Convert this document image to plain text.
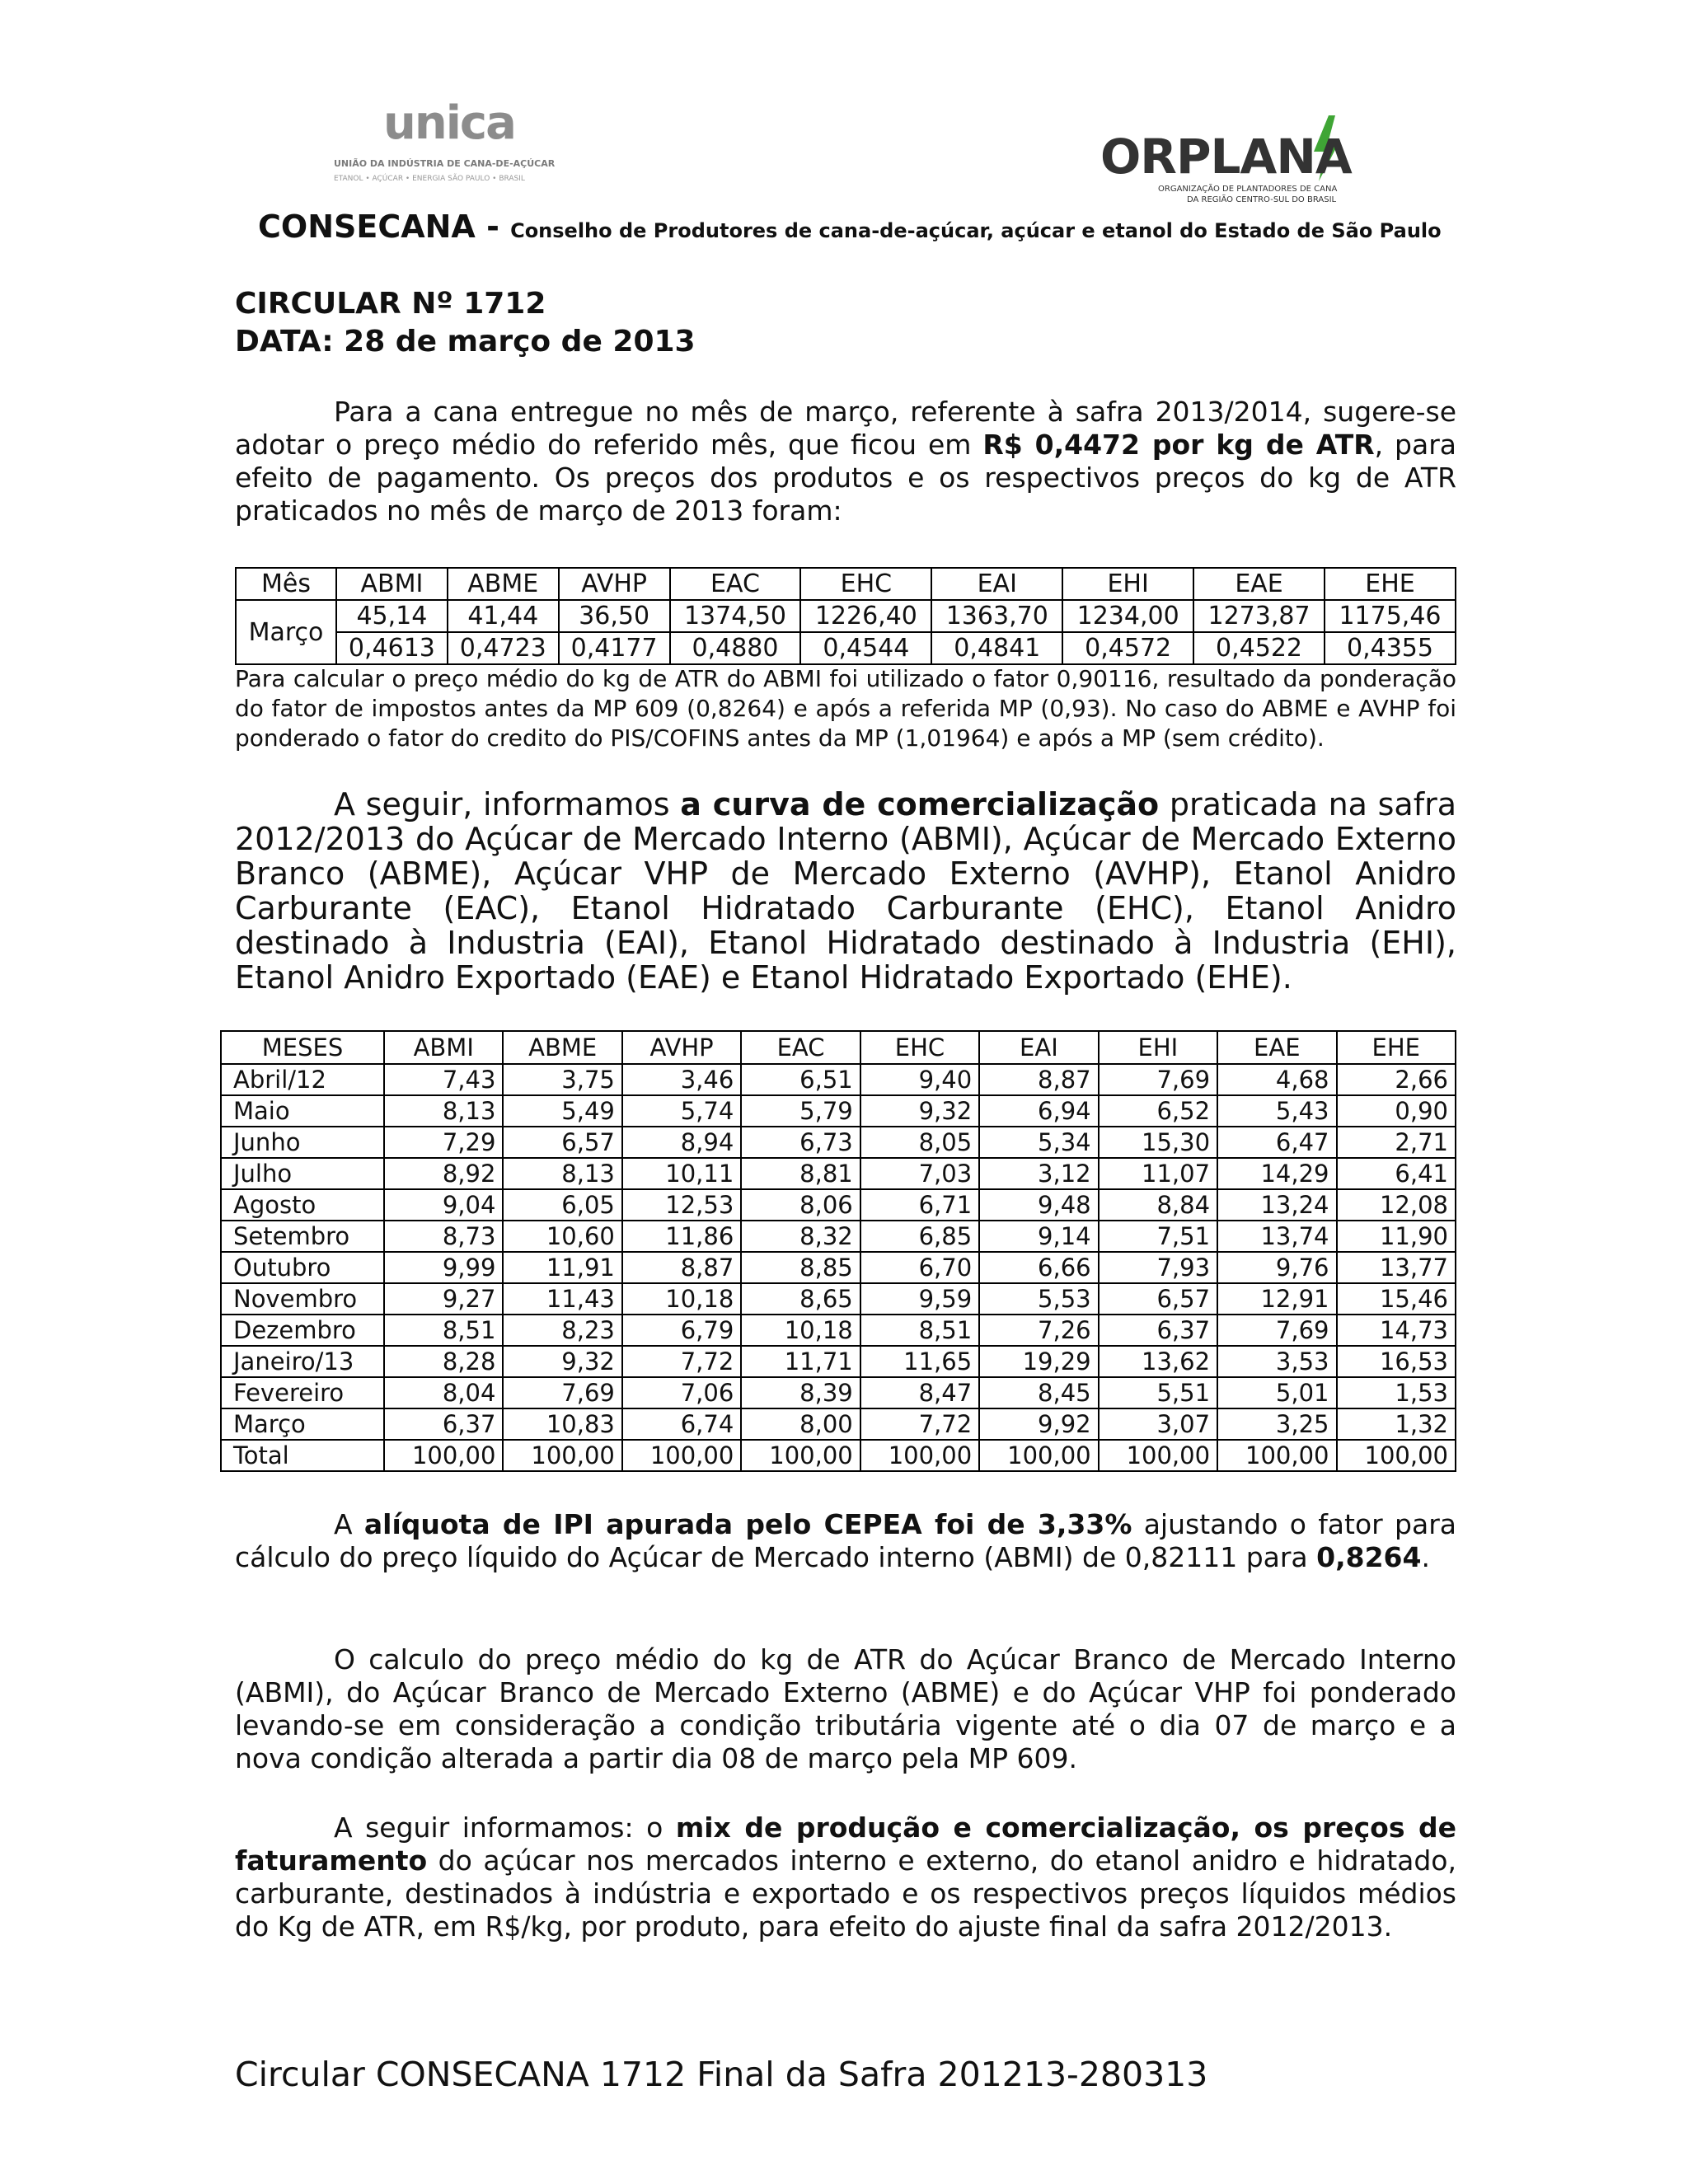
unica
UNIÃO DA INDÚSTRIA DE CANA-DE-AÇÚCAR
ETANOL • AÇÚCAR • ENERGIA SÃO PAULO • BRASIL	ORPLANA
ORGANIZAÇÃO DE PLANTADORES DE CANA
DA REGIÃO CENTRO-SUL DO BRASIL
CONSECANA - Conselho de Produtores de cana-de-açúcar, açúcar e etanol do Estado de São Paulo
CIRCULAR Nº 1712
DATA: 28 de março de 2013
Para a cana entregue no mês de março, referente à safra 2013/2014, sugere-se adotar o preço médio do referido mês, que ficou em R$ 0,4472 por kg de ATR, para efeito de pagamento. Os preços dos produtos e os respectivos preços do kg de ATR praticados no mês de março de 2013 foram:
Mês	ABMI	ABME	AVHP	EAC	EHC	EAI	EHI	EAE	EHE
Março	45,14	41,44	36,50	1374,50	1226,40	1363,70	1234,00	1273,87	1175,46
	0,4613	0,4723	0,4177	0,4880	0,4544	0,4841	0,4572	0,4522	0,4355
Para calcular o preço médio do kg de ATR do ABMI foi utilizado o fator 0,90116, resultado da ponderação do fator de impostos antes da MP 609 (0,8264) e após a referida MP (0,93). No caso do ABME e AVHP foi ponderado o fator do credito do PIS/COFINS antes da MP (1,01964) e após a MP (sem crédito).
A seguir, informamos a curva de comercialização praticada na safra 2012/2013 do Açúcar de Mercado Interno (ABMI), Açúcar de Mercado Externo Branco (ABME), Açúcar VHP de Mercado Externo (AVHP), Etanol Anidro Carburante (EAC), Etanol Hidratado Carburante (EHC), Etanol Anidro destinado à Industria (EAI), Etanol Hidratado destinado à Industria (EHI), Etanol Anidro Exportado (EAE) e Etanol Hidratado Exportado (EHE).
MESES	ABMI	ABME	AVHP	EAC	EHC	EAI	EHI	EAE	EHE
Abril/12	7,43	3,75	3,46	6,51	9,40	8,87	7,69	4,68	2,66
Maio	8,13	5,49	5,74	5,79	9,32	6,94	6,52	5,43	0,90
Junho	7,29	6,57	8,94	6,73	8,05	5,34	15,30	6,47	2,71
Julho	8,92	8,13	10,11	8,81	7,03	3,12	11,07	14,29	6,41
Agosto	9,04	6,05	12,53	8,06	6,71	9,48	8,84	13,24	12,08
Setembro	8,73	10,60	11,86	8,32	6,85	9,14	7,51	13,74	11,90
Outubro	9,99	11,91	8,87	8,85	6,70	6,66	7,93	9,76	13,77
Novembro	9,27	11,43	10,18	8,65	9,59	5,53	6,57	12,91	15,46
Dezembro	8,51	8,23	6,79	10,18	8,51	7,26	6,37	7,69	14,73
Janeiro/13	8,28	9,32	7,72	11,71	11,65	19,29	13,62	3,53	16,53
Fevereiro	8,04	7,69	7,06	8,39	8,47	8,45	5,51	5,01	1,53
Março	6,37	10,83	6,74	8,00	7,72	9,92	3,07	3,25	1,32
Total	100,00	100,00	100,00	100,00	100,00	100,00	100,00	100,00	100,00
A alíquota de IPI apurada pelo CEPEA foi de 3,33% ajustando o fator para cálculo do preço líquido do Açúcar de Mercado interno (ABMI) de 0,82111 para 0,8264.
O calculo do preço médio do kg de ATR do Açúcar Branco de Mercado Interno (ABMI), do Açúcar Branco de Mercado Externo (ABME) e do Açúcar VHP foi ponderado levando-se em consideração a condição tributária vigente até o dia 07 de março e a nova condição alterada a partir dia 08 de março pela MP 609.
A seguir informamos: o mix de produção e comercialização, os preços de faturamento do açúcar nos mercados interno e externo, do etanol anidro e hidratado, carburante, destinados à indústria e exportado e os respectivos preços líquidos médios do Kg de ATR, em R$/kg, por produto, para efeito do ajuste final da safra 2012/2013.
Circular CONSECANA 1712 Final da Safra 201213-280313
